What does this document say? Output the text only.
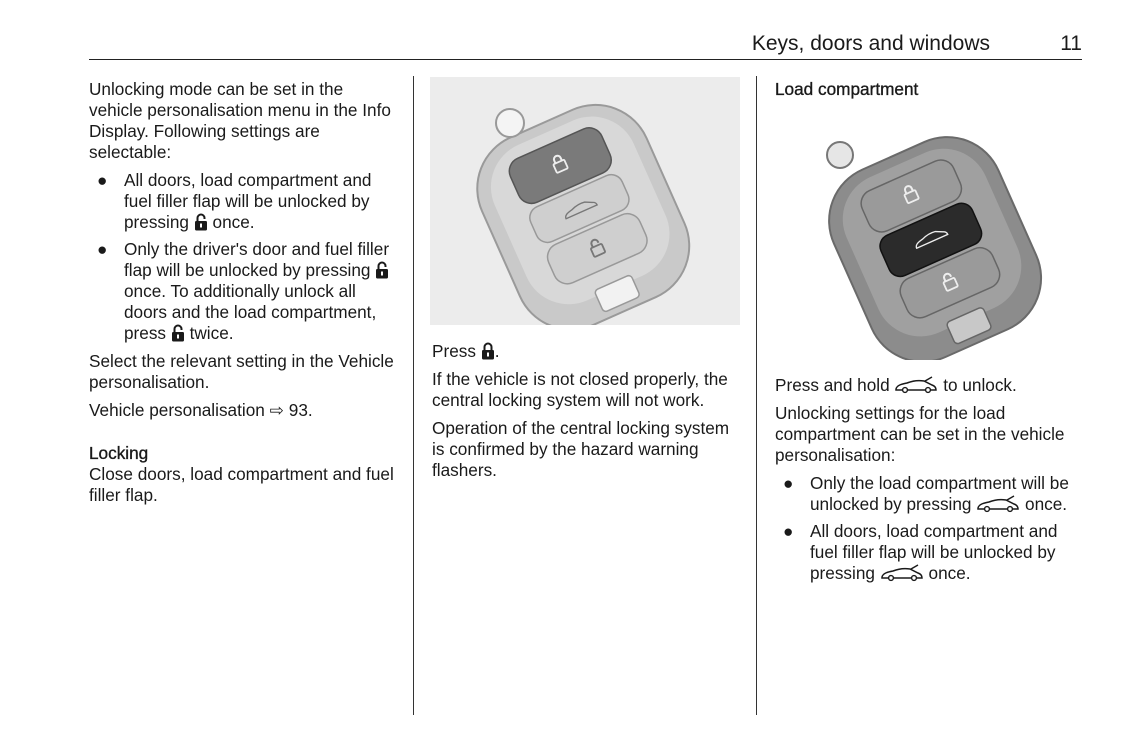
Keys, doors and windows	11

Unlocking mode can be set in the vehicle personalisation menu in the Info Display. Following settings are selectable:

● All doors, load compartment and fuel filler flap will be unlocked by pressing once.
● Only the driver's door and fuel filler flap will be unlocked by pressing  once. To additionally unlock all doors and the load compartment, press twice.

Select the relevant setting in the Vehicle personalisation.

Vehicle personalisation ⇨ 93.

Locking

Close doors, load compartment and fuel filler flap.

Press .

If the vehicle is not closed properly, the central locking system will not work.

Operation of the central locking system is confirmed by the hazard warning flashers.

Load compartment

Press and hold	to unlock.

Unlocking settings for the load compartment can be set in the vehicle personalisation:

● Only the load compartment will be unlocked by pressing	once.
● All doors, load compartment and fuel filler flap will be unlocked by pressing	once.
